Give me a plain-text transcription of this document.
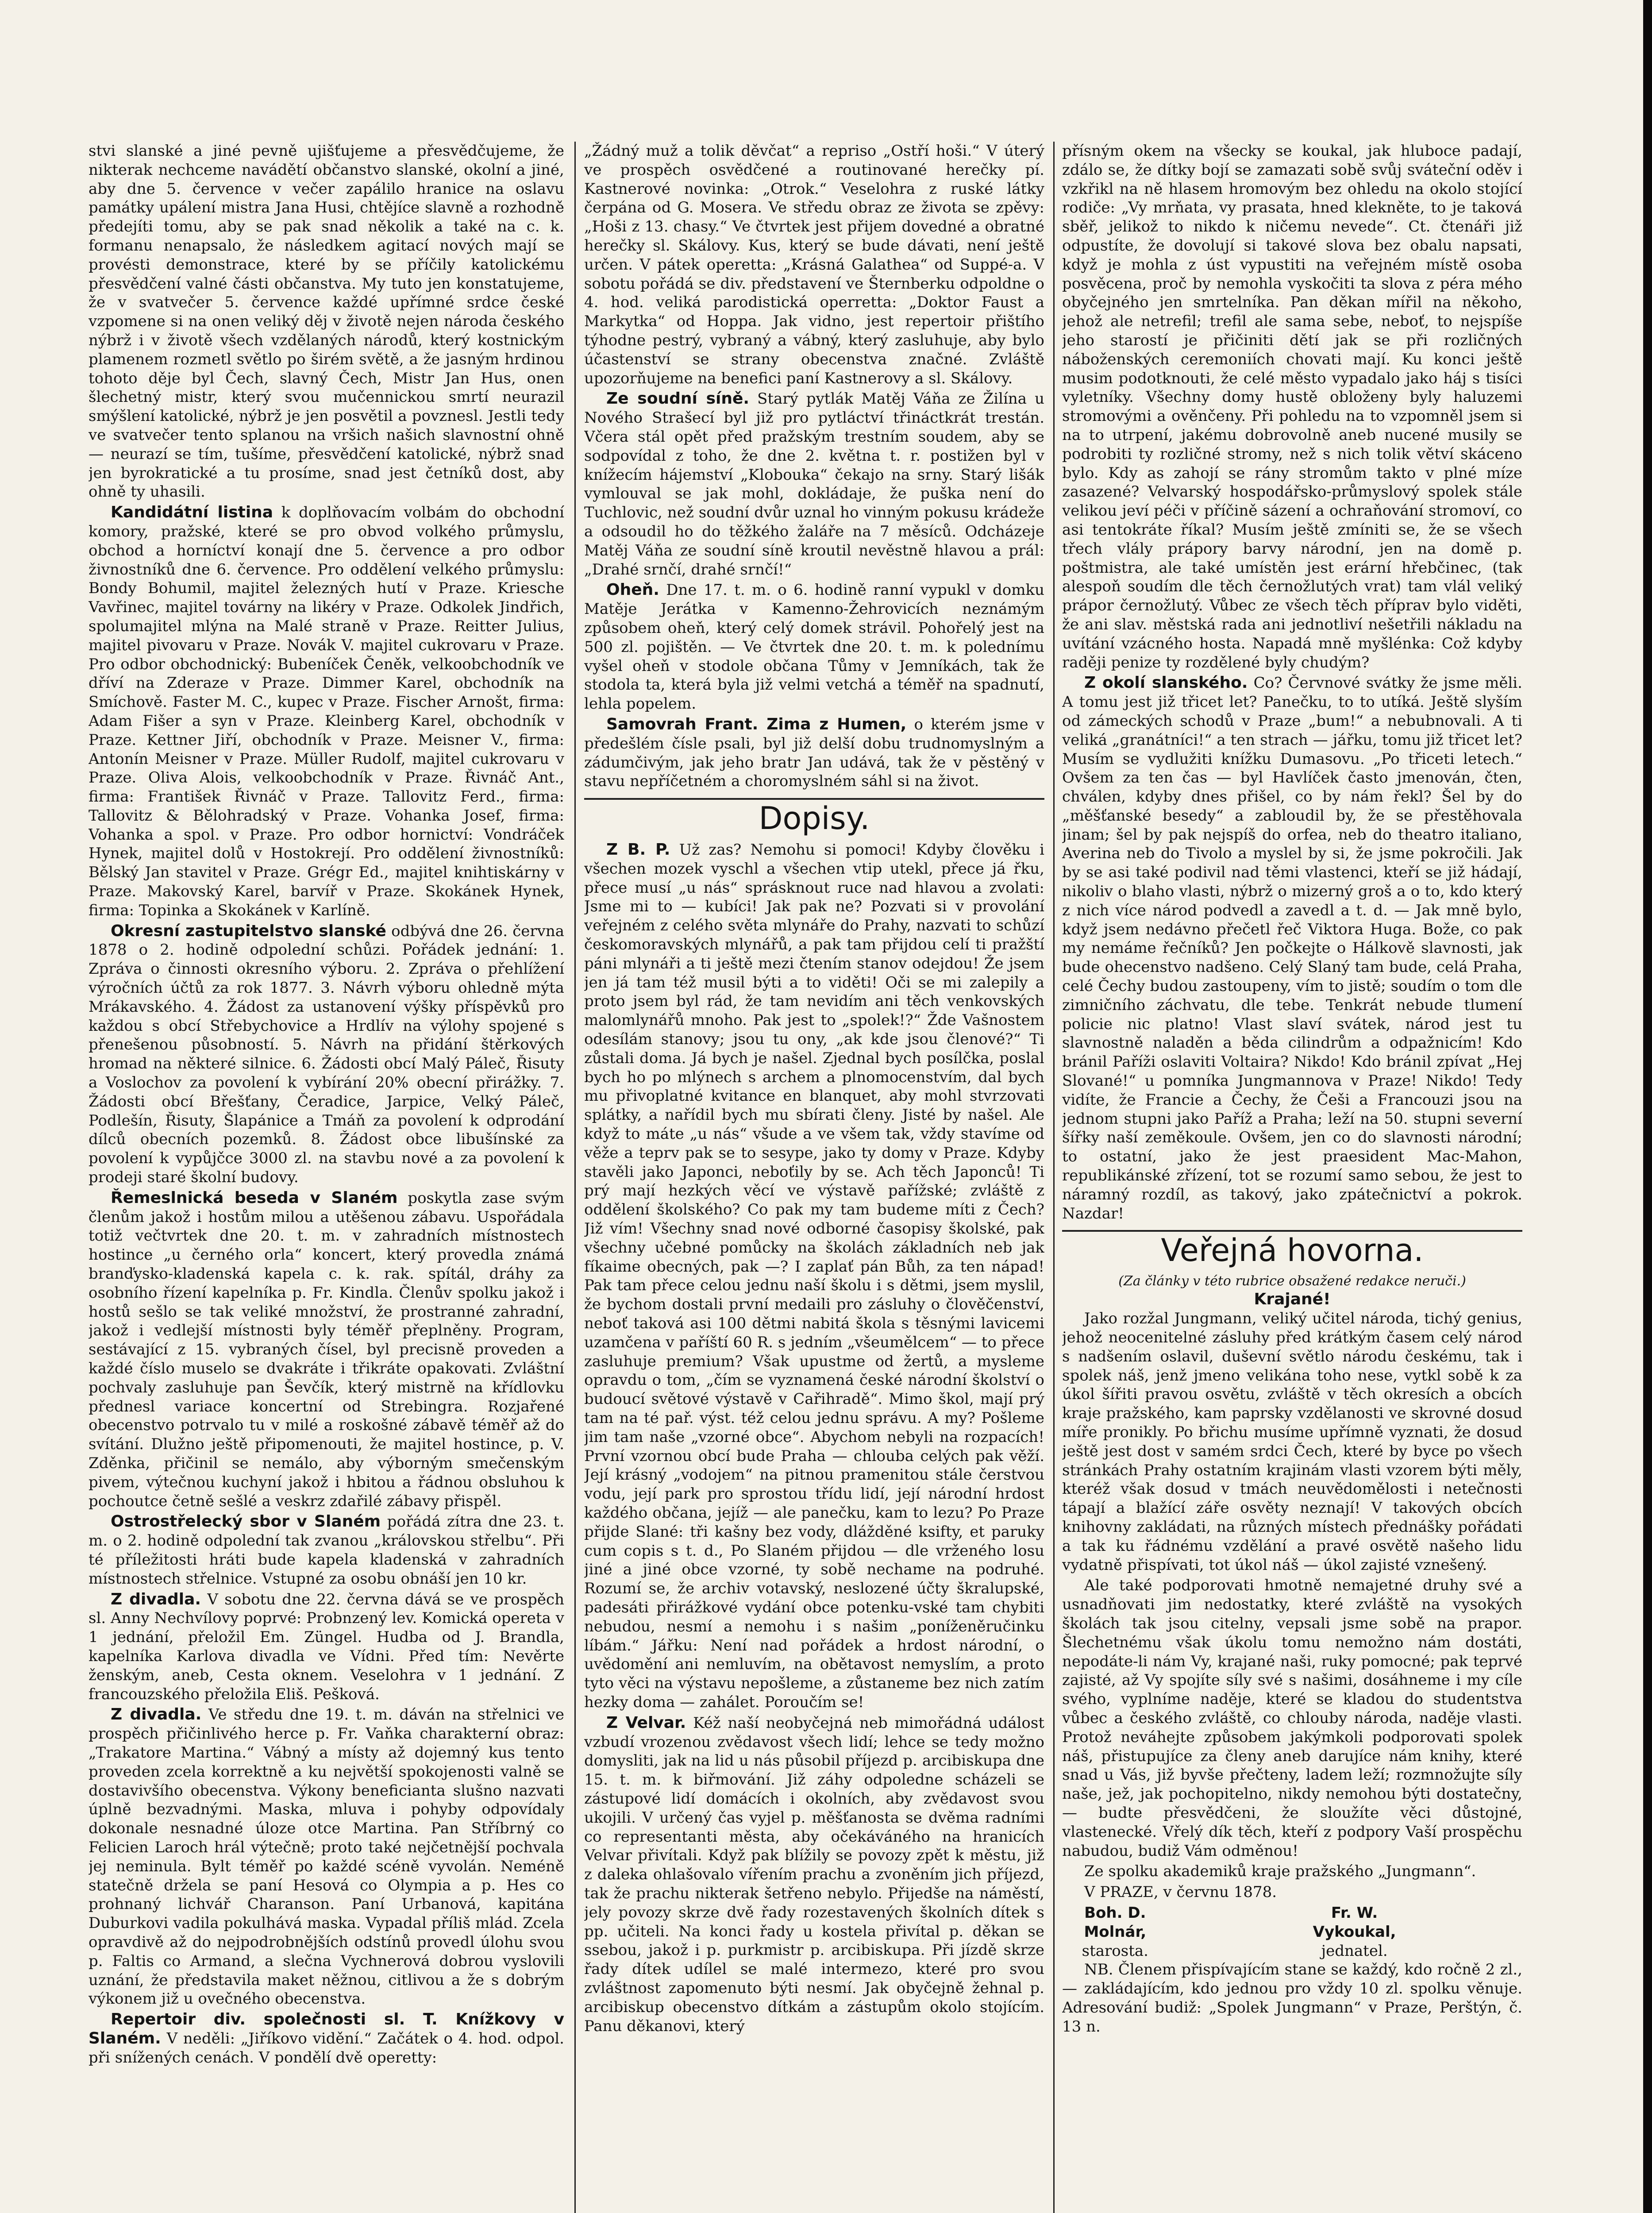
stvi slanské a jiné pevně ujišťujeme a přesvědčujeme, že nikterak nechceme navádětí občanstvo slanské, okolní a jiné, aby dne 5. července v večer zapálilo hranice na oslavu památky upálení mistra Jana Husi, chtějíce slavně a rozhodně předejíti tomu, aby se pak snad několik a také na c. k. formanu nenapsalo, že následkem agitací nových mají se provésti demonstrace, které by se příčily katolickému přesvědčení valné části občanstva. My tuto jen konstatujeme, že v svatvečer 5. července každé upřímné srdce české vzpomene si na onen veliký děj v životě nejen národa českého nýbrž i v životě všech vzdělaných národů, který kostnickým plamenem rozmetl světlo po širém světě, a že jasným hrdinou tohoto děje byl Čech, slavný Čech, Mistr Jan Hus, onen šlechetný mistr, který svou mučennickou smrtí neurazil smýšlení katolické, nýbrž je jen posvětil a povznesl. Jestli tedy ve svatvečer tento splanou na vršich našich slavnostní ohně — neurazí se tím, tušíme, přesvědčení katolické, nýbrž snad jen byrokratické a tu prosíme, snad jest četníků dost, aby ohně ty uhasili.

Kandidátní listina k doplňovacím volbám do obchodní komory, pražské, které se pro obvod volkého průmyslu, obchod a horníctví konají dne 5. července a pro odbor živnostníků dne 6. července. Pro oddělení velkého průmyslu: Bondy Bohumil, majitel železných hutí v Praze. Kriesche Vavřinec, majitel továrny na likéry v Praze. Odkolek Jindřich, spolumajitel mlýna na Malé straně v Praze. Reitter Julius, majitel pivovaru v Praze. Novák V. majitel cukrovaru v Praze. Pro odbor obchodnický: Bubeníček Čeněk, velkoobchodník ve dříví na Zderaze v Praze. Dimmer Karel, obchodník na Smíchově. Faster M. C., kupec v Praze. Fischer Arnošt, firma: Adam Fišer a syn v Praze. Kleinberg Karel, obchodník v Praze. Kettner Jiří, obchodník v Praze. Meisner V., firma: Antonín Meisner v Praze. Müller Rudolf, majitel cukrovaru v Praze. Oliva Alois, velkoobchodník v Praze. Řivnáč Ant., firma: František Řivnáč v Praze. Tallovitz Ferd., firma: Tallovitz & Bělohradský v Praze. Vohanka Josef, firma: Vohanka a spol. v Praze. Pro odbor hornictví: Vondráček Hynek, majitel dolů v Hostokrejí. Pro oddělení živnostníků: Bělský Jan stavitel v Praze. Grégr Ed., majitel knihtiskárny v Praze. Makovský Karel, barvíř v Praze. Skokánek Hynek, firma: Topinka a Skokánek v Karlíně.

Okresní zastupitelstvo slanské odbývá dne 26. června 1878 o 2. hodině odpolední schůzi. Pořádek jednání: 1. Zpráva o činnosti okresního výboru. 2. Zpráva o přehlížení výročních účtů za rok 1877. 3. Návrh výboru ohledně mýta Mrákavského. 4. Žádost za ustanovení výšky příspěvků pro každou s obcí Střebychovice a Hrdlív na výlohy spojené s přenešenou působností. 5. Návrh na přidání štěrkových hromad na některé silnice. 6. Žádosti obcí Malý Páleč, Řisuty a Voslochov za povolení k vybírání 20% obecní přirážky. 7. Žádosti obcí Břešťany, Čeradice, Jarpice, Velký Páleč, Podlešín, Řisuty, Šlapánice a Tmáň za povolení k odprodání dílců obecních pozemků. 8. Žádost obce libušínské za povolení k vypůjčce 3000 zl. na stavbu nové a za povolení k prodeji staré školní budovy.

Řemeslnická beseda v Slaném poskytla zase svým členům jakož i hostům milou a utěšenou zábavu. Uspořádala totiž večtvrtek dne 20. t. m. v zahradních místnostech hostince „u černého orla“ koncert, který provedla známá branďysko-kladenská kapela c. k. rak. spítál, dráhy za osobního řízení kapelníka p. Fr. Kindla. Členův spolku jakož i hostů sešlo se tak veliké množství, že prostranné zahradní, jakož i vedlejší místnosti byly téměř přeplněny. Program, sestávající z 15. vybraných čísel, byl precisně proveden a každé číslo muselo se dvakráte i třikráte opakovati. Zvláštní pochvaly zasluhuje pan Ševčík, který mistrně na křídlovku přednesl variace koncertní od Strebingra. Rozjařené obecenstvo potrvalo tu v milé a roskošné zábavě téměř až do svítání. Dlužno ještě připomenouti, že majitel hostince, p. V. Zděnka, přičinil se nemálo, aby výborným smečenským pivem, výtečnou kuchyní jakož i hbitou a řádnou obsluhou k pochoutce četně sešlé a veskrz zdařilé zábavy přispěl.

Ostrostřelecký sbor v Slaném pořádá zítra dne 23. t. m. o 2. hodině odpolední tak zvanou „královskou střelbu“. Při té příležitosti hráti bude kapela kladenská v zahradních místnostech střelnice. Vstupné za osobu obnáší jen 10 kr.

Z divadla. V sobotu dne 22. června dává se ve prospěch sl. Anny Nechvílovy poprvé: Probnzený lev. Komická opereta v 1 jednání, přeložil Em. Züngel. Hudba od J. Brandla, kapelníka Karlova divadla ve Vídni. Před tím: Nevěrte ženským, aneb, Cesta oknem. Veselohra v 1 jednání. Z francouzského přeložila Eliš. Pešková.

Z divadla. Ve středu dne 19. t. m. dáván na střelnici ve prospěch přičinlivého herce p. Fr. Vaňka charakterní obraz: „Trakatore Martina.“ Vábný a místy až dojemný kus tento proveden zcela korrektně a ku největší spokojenosti valně se dostavivšího obecenstva. Výkony beneficianta slušno nazvati úplně bezvadnými. Maska, mluva i pohyby odpovídaly dokonale nesnadné úloze otce Martina. Pan Stříbrný co Felicien Laroch hrál výtečně; proto také nejčetnější pochvala jej neminula. Bylt téměř po každé scéně vyvolán. Neméně statečně držela se paní Hesová co Olympia a p. Hes co prohnaný lichvář Charanson. Paní Urbanová, kapitána Duburkovi vadila pokulhává maska. Vypadal příliš mlád. Zcela opravdivě až do nejpodrobnějších odstínů provedl úlohu svou p. Faltis co Armand, a slečna Vychnerová dobrou vyslovili uznání, že představila maket něžnou, citlivou a že s dobrým výkonem již u ovečného obecenstva.

Repertoir div. společnosti sl. T. Knížkovy v Slaném. V neděli: „Jiříkovo vidění.“ Začátek o 4. hod. odpol. při snížených cenách. V pondělí dvě operetty:

„Žádný muž a tolik děvčat“ a repriso „Ostří hoši.“ V úterý ve prospěch osvědčené a routinované herečky pí. Kastnerové novinka: „Otrok.“ Veselohra z ruské látky čerpána od G. Mosera. Ve středu obraz ze života se zpěvy: „Hoši z 13. chasy.“ Ve čtvrtek jest přijem dovedné a obratné herečky sl. Skálovy. Kus, který se bude dávati, není ještě určen. V pátek operetta: „Krásná Galathea“ od Suppé-a. V sobotu pořádá se div. představení ve Šternberku odpoldne o 4. hod. veliká parodistická operretta: „Doktor Faust a Markytka“ od Hoppa. Jak vidno, jest repertoir přištího týhodne pestrý, vybraný a vábný, který zasluhuje, aby bylo účastenství se strany obecenstva značné. Zvláště upozorňujeme na benefici paní Kastnerovy a sl. Skálovy.

Ze soudní síně. Starý pytlák Matěj Váňa ze Žilína u Nového Strašecí byl již pro pytláctví třináctkrát trestán. Včera stál opět před pražským trestním soudem, aby se sodpovídal z toho, že dne 2. května t. r. postižen byl v knížecím hájemství „Klobouka“ čekajo na srny. Starý lišák vymlouval se jak mohl, dokládaje, že puška není do Tuchlovic, než soudní dvůr uznal ho vinným pokusu krádeže a odsoudil ho do těžkého žaláře na 7 měsíců. Odcházeje Matěj Váňa ze soudní síně kroutil nevěstně hlavou a prál: „Drahé srnčí, drahé srnčí!“

Oheň. Dne 17. t. m. o 6. hodině ranní vypukl v domku Matěje Jerátka v Kamenno-Žehrovicích neznámým způsobem oheň, který celý domek strávil. Pohořelý jest na 500 zl. pojištěn. — Ve čtvrtek dne 20. t. m. k polednímu vyšel oheň v stodole občana Tůmy v Jemníkách, tak že stodola ta, která byla již velmi vetchá a téměř na spadnutí, lehla popelem.

Samovrah Frant. Zima z Humen, o kterém jsme v předešlém čísle psali, byl již delší dobu trudnomyslným a zádumčivým, jak jeho bratr Jan udává, tak že v pěstěný v stavu nepříčetném a choromyslném sáhl si na život.

Dopisy.

Z B. P. Už zas? Nemohu si pomoci! Kdyby člověku i všechen mozek vyschl a všechen vtip utekl, přece já řku, přece musí „u nás“ sprásknout ruce nad hlavou a zvolati: Jsme mi to — kubíci! Jak pak ne? Pozvati si v provolání veřejném z celého světa mlynáře do Prahy, nazvati to schůzí českomoravských mlynářů, a pak tam přijdou celí ti pražští páni mlynáři a ti ještě mezi čtením stanov odejdou! Že jsem jen já tam též musil býti a to viděti! Oči se mi zalepily a proto jsem byl rád, že tam nevidím ani těch venkovských malomlynářů mnoho. Pak jest to „spolek!?“ Žde Vašnostem odesílám stanovy; jsou tu ony, „ak kde jsou členové?“ Ti zůstali doma. Já bych je našel. Zjednal bych posílčka, poslal bych ho po mlýnech s archem a plnomocenstvím, dal bych mu přivoplatné kvitance en blanquet, aby mohl stvrzovati splátky, a nařídil bych mu sbírati členy. Jisté by našel. Ale když to máte „u nás“ všude a ve všem tak, vždy stavíme od věže a teprv pak se to sesypе, jako ty domy v Praze. Kdyby stavěli jako Japonci, neboťily by se. Ach těch Japonců! Ti prý mají hezkých věcí ve výstavě pařížské; zvláště z oddělení školského? Co pak my tam budeme míti z Čech? Již vím! Všechny snad nové odborné časopisy školské, pak všechny učebné pomůcky na školách základních neb jak fíkaime obecných, pak —? I zaplať pán Bůh, za ten nápad! Pak tam přece celou jednu naší školu i s dětmi, jsem myslil, že bychom dostali první medaili pro zásluhy o člověčenství, neboť taková asi 100 dětmi nabitá škola s těsnými lavicemi uzamčena v paříští 60 R. s jedním „všeumělcem“ — to přece zasluhuje premium? Však upustme od žertů, a mysleme opravdu o tom, „čím se vyznamená české národní školství o budoucí světové výstavě v Cařihradě“. Mimo škol, mají prý tam na té pař. výst. též celou jednu správu. A my? Pošleme jim tam naše „vzorné obce“. Abychom nebyli na rozpacích! První vzornou obcí bude Praha — chlouba celých pak věží. Její krásný „vodojem“ na pitnou pramenitou stále čerstvou vodu, její park pro sprostou třídu lidí, její národní hrdost každého občana, jejíž — ale panečku, kam to lezu? Po Praze přijde Slané: tři kašny bez vody, dlážděné ksifty, et paruky cum copis s t. d., Po Slaném přijdou — dle vrženého losu jiné a jiné obce vzorné, ty sobě nechame na podruhé. Rozumí se, že archiv votavský, neslozené účty škralupské, padesáti přirážkové vydání obce potenku-vské tam chybiti nebudou, nesmí a nemohu i s našim „poníženěručinku líbám.“ Jářku: Není nad pořádek a hrdost národní, o uvědomění ani nemluvím, na obětavost nemyslím, a proto tyto věci na výstavu nepošleme, a zůstaneme bez nich zatím hezky doma — zahálet. Poroučím se!

Z Velvar. Kéž naší neobyčejná neb mimořádná událost vzbudí vrozenou zvědavost všech lidí; lehce se tedy možno domysliti, jak na lid u nás působil příjezd p. arcibiskupa dne 15. t. m. k biřmování. Již záhy odpoledne scházeli se zástupové lidí domácích i okolních, aby zvědavost svou ukojili. V určený čas vyjel p. měšťanosta se dvěma radními co representanti města, aby očekáváného na hranicích Velvar přivítali. Když pak blížily se povozy zpět k městu, již z daleka ohlašovalo vířením prachu a zvoněním jich příjezd, tak že prachu nikterak šetřeno nebylo. Přijedše na náměstí, jely povozy skrze dvě řady rozestavených školních dítek s pp. učiteli. Na konci řady u kostela přivítal p. děkan se ssebou, jakož i p. purkmistr p. arcibiskupa. Při jízdě skrze řady dítek udílel se malé intermezo, které pro svou zvláštnost zapomenuto býti nesmí. Jak obyčejně žehnal p. arcibiskup obecenstvo dítkám a zástupům okolo stojícím. Panu děkanovi, který

přísným okem na všecky se koukal, jak hluboce padají, zdálo se, že dítky bojí se zamazati sobě svůj sváteční oděv i vzkřikl na ně hlasem hromovým bez ohledu na okolo stojící rodiče: „Vy mrňata, vy prasata, hned klekněte, to je taková sběř, jelikož to nikdo k ničemu nevede“. Ct. čtenáři již odpustíte, že dovolují si takové slova bez obalu napsati, když je mohla z úst vypustiti na veřejném místě osoba posvěcena, proč by nemohla vyskočiti ta slova z péra mého obyčejného jen smrtelníka. Pan děkan mířil na někoho, jehož ale netrefil; trefil ale sama sebe, neboť, to nejspíše jeho starostí je přičiniti dětí jak se při rozličných náboženských ceremoniích chovati mají. Ku konci ještě musim podotknouti, že celé město vypadalo jako háj s tisíci vyletníky. Všechny domy hustě obloženy byly haluzemi stromovými a ověnčeny. Při pohledu na to vzpomněl jsem si na to utrpení, jakému dobrovolně aneb nucené musily se podrobiti ty rozličné stromy, než s nich tolik větví skáceno bylo. Kdy as zahojí se rány stromům takto v plné míze zasazené? Velvarský hospodářsko-průmyslový spolek stále velikou jeví péči v příčině sázení a ochraňování stromoví, co asi tentokráte říkal? Musím ještě zmíniti se, že se všech třech vlály prápory barvy národní, jen na domě p. poštmistra, ale také umístěn jest erární hřebčinec, (tak alespoň soudím dle těch černožlutých vrat) tam vlál veliký prápor černožlutý. Vůbec ze všech těch příprav bylo viděti, že ani slav. městská rada ani jednotliví nešetřili nákladu na uvítání vzácného hosta. Napadá mně myšlénka: Což kdyby raději penize ty rozdělené byly chudým?

Z okolí slanského. Co? Červnové svátky že jsme měli. A tomu jest již třicet let? Panečku, to to utíká. Ještě slyším od zámeckých schodů v Praze „bum!“ a nebubnovali. A ti veliká „granátníci!“ a ten strach — jářku, tomu již třicet let? Musím se vydlužiti knížku Dumasovu. „Po třiceti letech.“ Ovšem za ten čas — byl Havlíček často jmenován, čten, chválen, kdyby dnes přišel, co by nám řekl? Šel by do „měšťanské besedy“ a zabloudil by, že se přestěhovala jinam; šel by pak nejspíš do orfea, neb do theatro italiano, Averina neb do Tivolo a myslel by si, že jsme pokročili. Jak by se asi také podivil nad těmi vlastenci, kteří se již hádají, nikoliv o blaho vlasti, nýbrž o mizerný groš a o to, kdo který z nich více národ podvedl a zavedl a t. d. — Jak mně bylo, když jsem nedávno přečetl řeč Viktora Huga. Bože, co pak my nemáme řečníků? Jen počkejte o Hálkově slavnosti, jak bude ohecenstvo nadšeno. Celý Slaný tam bude, celá Praha, celé Čechy budou zastoupeny, vím to jistě; soudím o tom dle zimničního záchvatu, dle tebe. Tenkrát nebude tlumení policie nic platno! Vlast slaví svátek, národ jest tu slavnostně naladěn a běda cilindrům a odpažnicím! Kdo bránil Paříži oslaviti Voltaira? Nikdo! Kdo bránil zpívat „Hej Slované!“ u pomníka Jungmannova v Praze! Nikdo! Tedy vidíte, že Francie a Čechy, že Češi a Francouzi jsou na jednom stupni jako Paříž a Praha; leží na 50. stupni severní šířky naší zeměkoule. Ovšem, jen co do slavnosti národní; to ostatní, jako že jest praesident Mac-Mahon, republikánské zřízení, tot se rozumí samo sebou, že jest to náramný rozdíl, as takový, jako zpátečnictví a pokrok. Nazdar!

Veřejná hovorna.
(Za články v této rubrice obsažené redakce neruči.)
Krajané!

Jako rozžal Jungmann, veliký učitel národa, tichý genius, jehož neocenitelné zásluhy před krátkým časem celý národ s nadšením oslavil, duševní světlo národu českému, tak i spolek náš, jenž jmeno velikána toho nese, vytkl sobě k za úkol šířiti pravou osvětu, zvláště v těch okresích a obcích kraje pražského, kam paprsky vzdělanosti ve skrovné dosud míře pronikly. Po břichu musíme upřímně vyznati, že dosud ještě jest dost v samém srdci Čech, které by byce po všech stránkách Prahy ostatním krajinám vlasti vzorem býti měly, kteréž však dosud v tmách neuvědomělosti i netečnosti tápají a blažící záře osvěty neznají! V takových obcích knihovny zakládati, na různých místech přednášky pořádati a tak ku řádnému vzdělání a pravé osvětě našeho lidu vydatně přispívati, tot úkol náš — úkol zajisté vznešený.

Ale také podporovati hmotně nemajetné druhy své a usnadňovati jim nedostatky, které zvláště na vysokých školách tak jsou citelny, vepsali jsme sobě na prapor. Šlechetnému však úkolu tomu nemožno nám dostáti, nepodáte-li nám Vy, krajané naši, ruky pomocné; pak teprvé zajisté, až Vy spojíte síly své s našimi, dosáhneme i my cíle svého, vyplníme naděje, které se kladou do studentstva vůbec a českého zvláště, co chlouby národa, naděje vlasti. Protož neváhejte způsobem jakýmkoli podporovati spolek náš, přistupujíce za členy aneb darujíce nám knihy, které snad u Vás, již byvše přečteny, ladem leží; rozmnožujte síly naše, jež, jak pochopitelno, nikdy nemohou býti dostatečny, — budte přesvědčeni, že sloužíte věci důstojné, vlastenecké. Vřelý dík těch, kteří z podpory Vaší prospěchu nabudou, budiž Vám odměnou!

Ze spolku akademiků kraje pražského „Jungmann“.

V PRAZE, v červnu 1878.

Boh. D. Molnár,
starosta.
Fr. W. Vykoukal,
jednatel.

NB. Členem přispívajícím stane se každý, kdo ročně 2 zl., — zakládajícím, kdo jednou pro vždy 10 zl. spolku věnuje. Adresování budiž: „Spolek Jungmann“ v Praze, Perštýn, č. 13 n.
